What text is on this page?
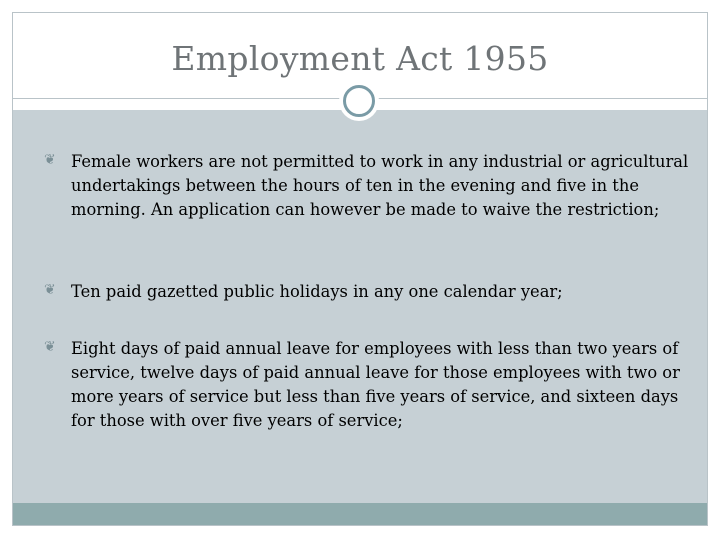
Employment Act 1955
❦ Female workers are not permitted to work in any industrial or agricultural undertakings between the hours of ten in the evening and five in the morning. An application can however be made to waive the restriction;
❦ Ten paid gazetted public holidays in any one calendar year;
❦ Eight days of paid annual leave for employees with less than two years of service, twelve days of paid annual leave for those employees with two or more years of service but less than five years of service, and sixteen days for those with over five years of service;
